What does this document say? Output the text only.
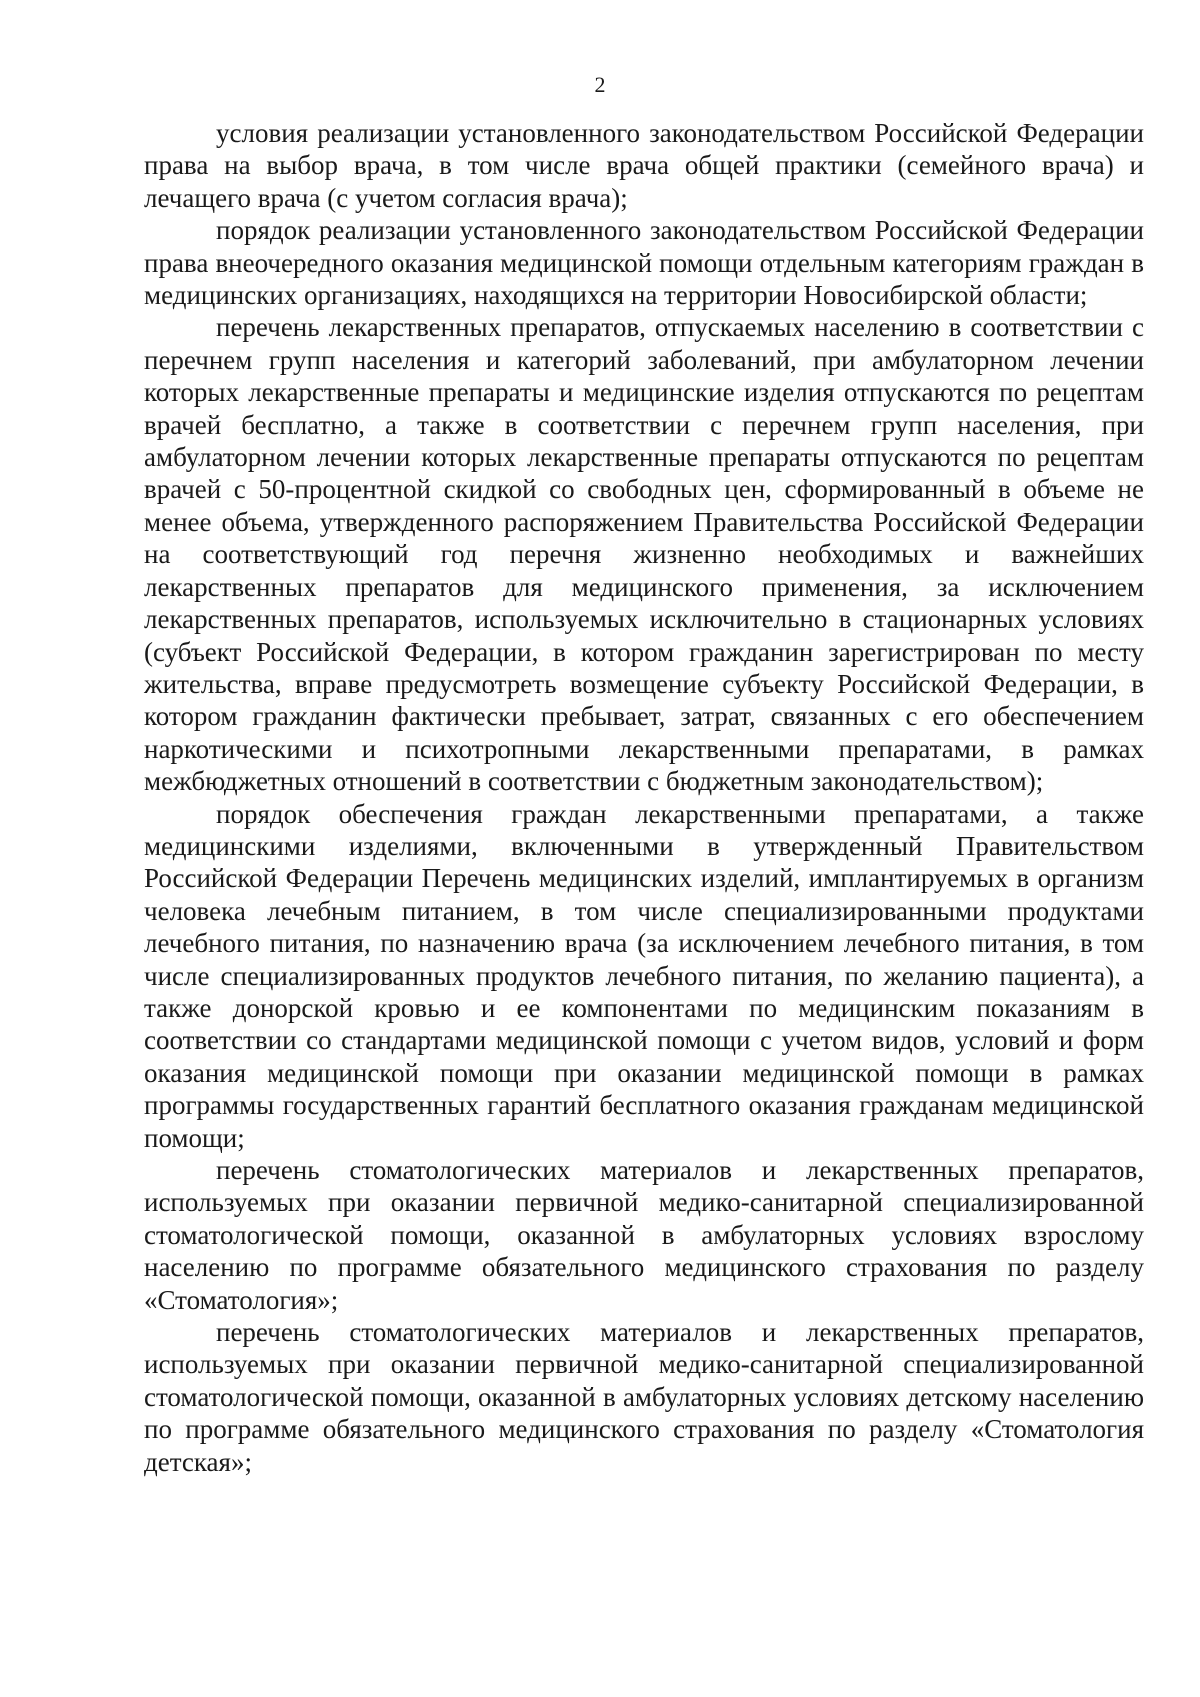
2

условия реализации установленного законодательством Российской Федерации права на выбор врача, в том числе врача общей практики (семейного врача) и лечащего врача (с учетом согласия врача);

порядок реализации установленного законодательством Российской Федерации права внеочередного оказания медицинской помощи отдельным категориям граждан в медицинских организациях, находящихся на территории Новосибирской области;

перечень лекарственных препаратов, отпускаемых населению в соответствии с перечнем групп населения и категорий заболеваний, при амбулаторном лечении которых лекарственные препараты и медицинские изделия отпускаются по рецептам врачей бесплатно, а также в соответствии с перечнем групп населения, при амбулаторном лечении которых лекарственные препараты отпускаются по рецептам врачей с 50-процентной скидкой со свободных цен, сформированный в объеме не менее объема, утвержденного распоряжением Правительства Российской Федерации на соответствующий год перечня жизненно необходимых и важнейших лекарственных препаратов для медицинского применения, за исключением лекарственных препаратов, используемых исключительно в стационарных условиях (субъект Российской Федерации, в котором гражданин зарегистрирован по месту жительства, вправе предусмотреть возмещение субъекту Российской Федерации, в котором гражданин фактически пребывает, затрат, связанных с его обеспечением наркотическими и психотропными лекарственными препаратами, в рамках межбюджетных отношений в соответствии с бюджетным законодательством);

порядок обеспечения граждан лекарственными препаратами, а также медицинскими изделиями, включенными в утвержденный Правительством Российской Федерации Перечень медицинских изделий, имплантируемых в организм человека лечебным питанием, в том числе специализированными продуктами лечебного питания, по назначению врача (за исключением лечебного питания, в том числе специализированных продуктов лечебного питания, по желанию пациента), а также донорской кровью и ее компонентами по медицинским показаниям в соответствии со стандартами медицинской помощи с учетом видов, условий и форм оказания медицинской помощи при оказании медицинской помощи в рамках программы государственных гарантий бесплатного оказания гражданам медицинской помощи;

перечень стоматологических материалов и лекарственных препаратов, используемых при оказании первичной медико-санитарной специализированной стоматологической помощи, оказанной в амбулаторных условиях взрослому населению по программе обязательного медицинского страхования по разделу «Стоматология»;

перечень стоматологических материалов и лекарственных препаратов, используемых при оказании первичной медико-санитарной специализированной стоматологической помощи, оказанной в амбулаторных условиях детскому населению по программе обязательного медицинского страхования по разделу «Стоматология детская»;
